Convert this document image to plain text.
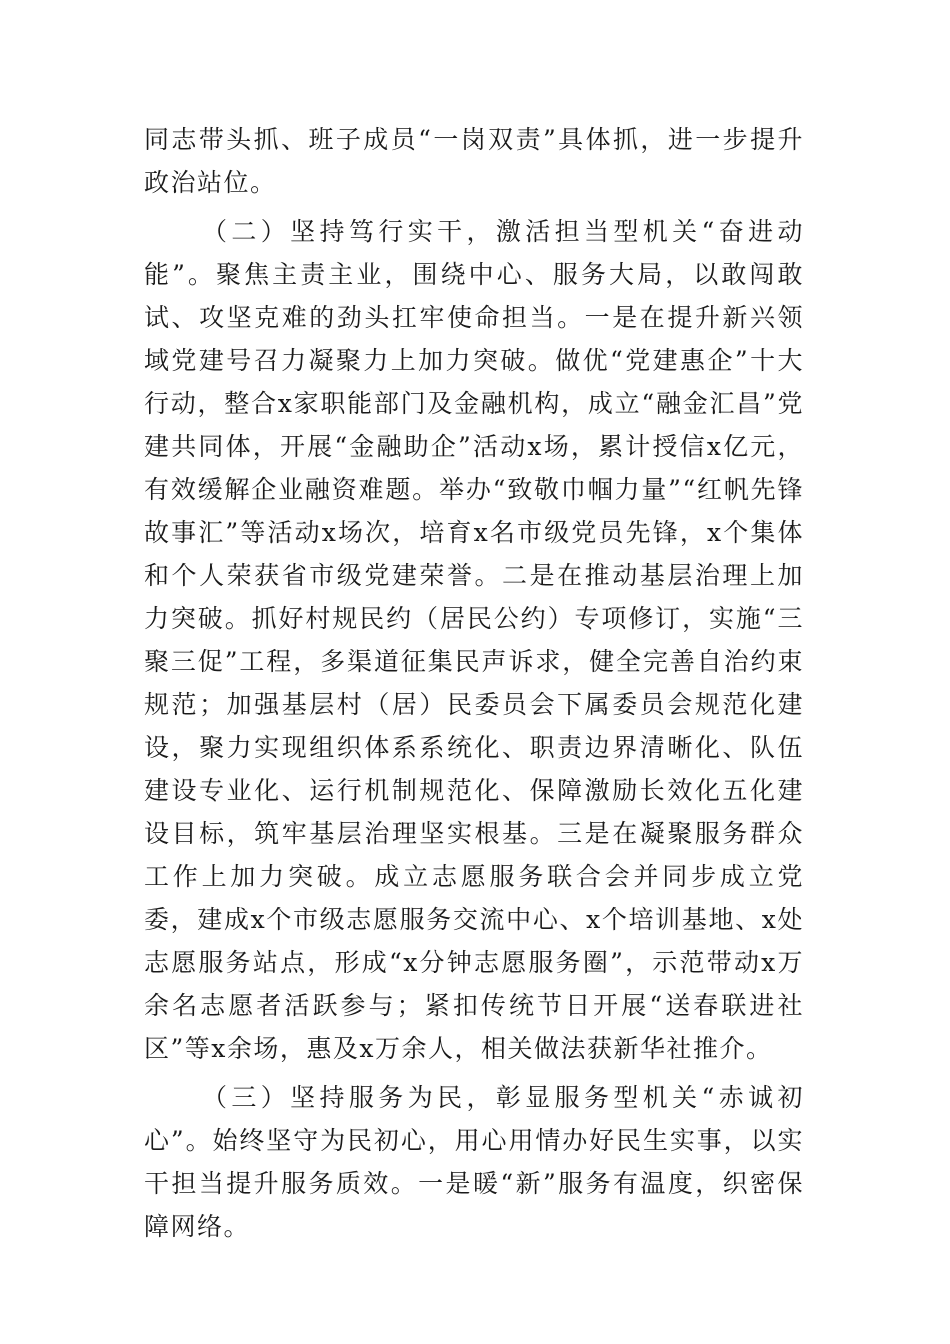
同志带头抓、班子成员“一岗双责”具体抓，进一步提升政治站位。

（二）坚持笃行实干，激活担当型机关“奋进动能”。聚焦主责主业，围绕中心、服务大局，以敢闯敢试、攻坚克难的劲头扛牢使命担当。一是在提升新兴领域党建号召力凝聚力上加力突破。做优“党建惠企”十大行动，整合x家职能部门及金融机构，成立“融金汇昌”党建共同体，开展“金融助企”活动x场，累计授信x亿元，有效缓解企业融资难题。举办“致敬巾帼力量”“红帆先锋故事汇”等活动x场次，培育x名市级党员先锋，x个集体和个人荣获省市级党建荣誉。二是在推动基层治理上加力突破。抓好村规民约（居民公约）专项修订，实施“三聚三促”工程，多渠道征集民声诉求，健全完善自治约束规范；加强基层村（居）民委员会下属委员会规范化建设，聚力实现组织体系系统化、职责边界清晰化、队伍建设专业化、运行机制规范化、保障激励长效化五化建设目标，筑牢基层治理坚实根基。三是在凝聚服务群众工作上加力突破。成立志愿服务联合会并同步成立党委，建成x个市级志愿服务交流中心、x个培训基地、x处志愿服务站点，形成“x分钟志愿服务圈”，示范带动x万余名志愿者活跃参与；紧扣传统节日开展“送春联进社区”等x余场，惠及x万余人，相关做法获新华社推介。

（三）坚持服务为民，彰显服务型机关“赤诚初心”。始终坚守为民初心，用心用情办好民生实事，以实干担当提升服务质效。一是暖“新”服务有温度，织密保障网络。
